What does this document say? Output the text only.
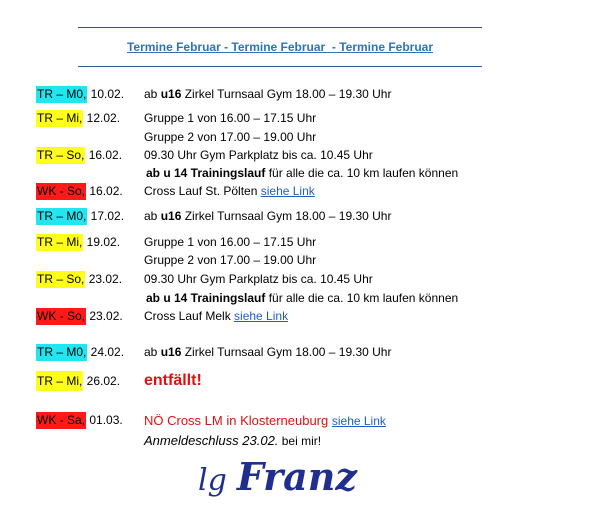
Termine Februar - Termine Februar  - Termine Februar
TR – M0, 10.02. ab u16 Zirkel Turnsaal Gym 18.00 – 19.30 Uhr
TR – Mi, 12.02. Gruppe 1 von 16.00 – 17.15 Uhr
Gruppe 2 von 17.00 – 19.00 Uhr
TR – So, 16.02. 09.30 Uhr Gym Parkplatz bis ca. 10.45 Uhr
ab u 14 Trainingslauf für alle die ca. 10 km laufen können
WK - So, 16.02. Cross Lauf St. Pölten siehe Link
TR – M0, 17.02. ab u16 Zirkel Turnsaal Gym 18.00 – 19.30 Uhr
TR – Mi, 19.02. Gruppe 1 von 16.00 – 17.15 Uhr
Gruppe 2 von 17.00 – 19.00 Uhr
TR – So, 23.02. 09.30 Uhr Gym Parkplatz bis ca. 10.45 Uhr
ab u 14 Trainingslauf für alle die ca. 10 km laufen können
WK - So, 23.02. Cross Lauf Melk siehe Link
TR – M0, 24.02. ab u16 Zirkel Turnsaal Gym 18.00 – 19.30 Uhr
TR – Mi, 26.02. entfällt!
WK - Sa, 01.03. NÖ Cross LM in Klosterneuburg siehe Link
Anmeldeschluss 23.02. bei mir!
lg Franz
